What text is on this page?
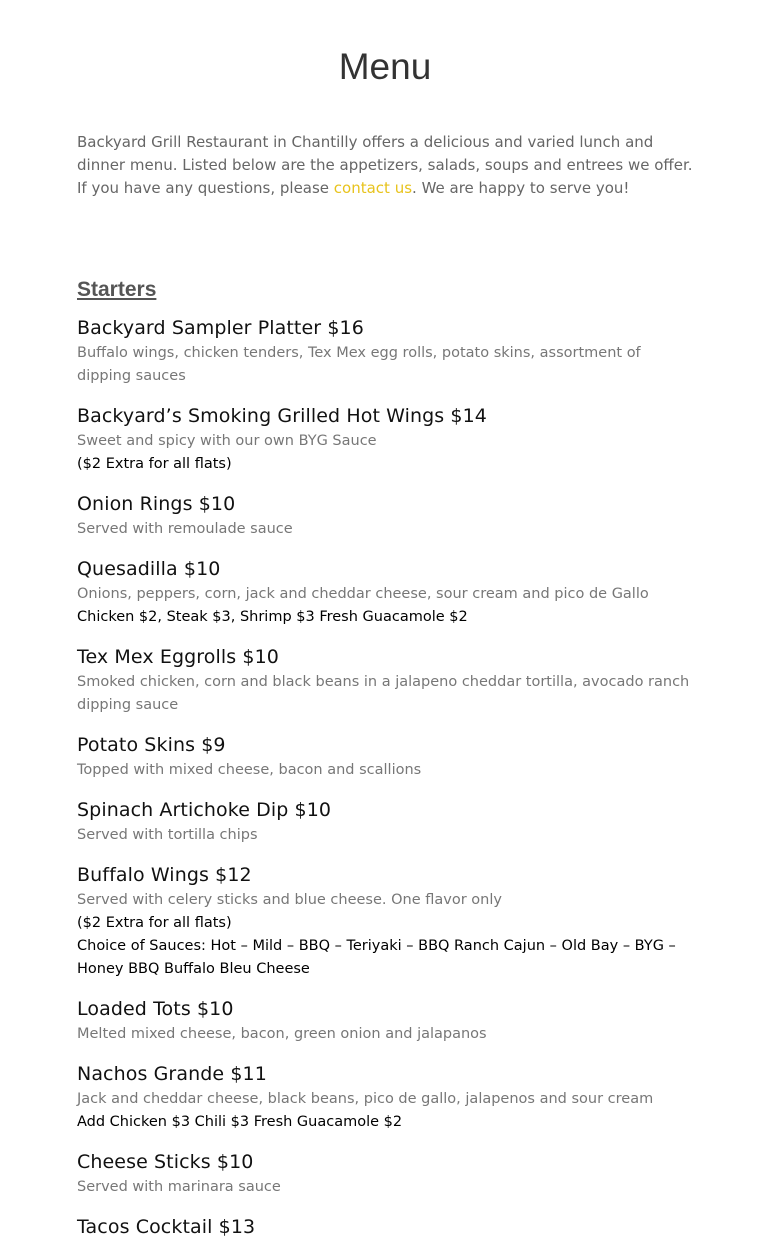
Menu

Backyard Grill Restaurant in Chantilly offers a delicious and varied lunch and dinner menu. Listed below are the appetizers, salads, soups and entrees we offer. If you have any questions, please contact us. We are happy to serve you!

Starters

Backyard Sampler Platter $16

Buffalo wings, chicken tenders, Tex Mex egg rolls, potato skins, assortment of dipping sauces

Backyard’s Smoking Grilled Hot Wings $14

Sweet and spicy with our own BYG Sauce

($2 Extra for all flats)

Onion Rings $10

Served with remoulade sauce

Quesadilla $10

Onions, peppers, corn, jack and cheddar cheese, sour cream and pico de Gallo

Chicken $2, Steak $3, Shrimp $3 Fresh Guacamole $2

Tex Mex Eggrolls $10

Smoked chicken, corn and black beans in a jalapeno cheddar tortilla, avocado ranch dipping sauce

Potato Skins $9

Topped with mixed cheese, bacon and scallions

Spinach Artichoke Dip $10

Served with tortilla chips

Buffalo Wings $12

Served with celery sticks and blue cheese. One flavor only

($2 Extra for all flats)

Choice of Sauces: Hot – Mild – BBQ – Teriyaki – BBQ Ranch Cajun – Old Bay – BYG – Honey BBQ Buffalo Bleu Cheese

Loaded Tots $10

Melted mixed cheese, bacon, green onion and jalapanos

Nachos Grande $11

Jack and cheddar cheese, black beans, pico de gallo, jalapenos and sour cream

Add Chicken $3 Chili $3 Fresh Guacamole $2

Cheese Sticks $10

Served with marinara sauce

Tacos Cocktail $13
